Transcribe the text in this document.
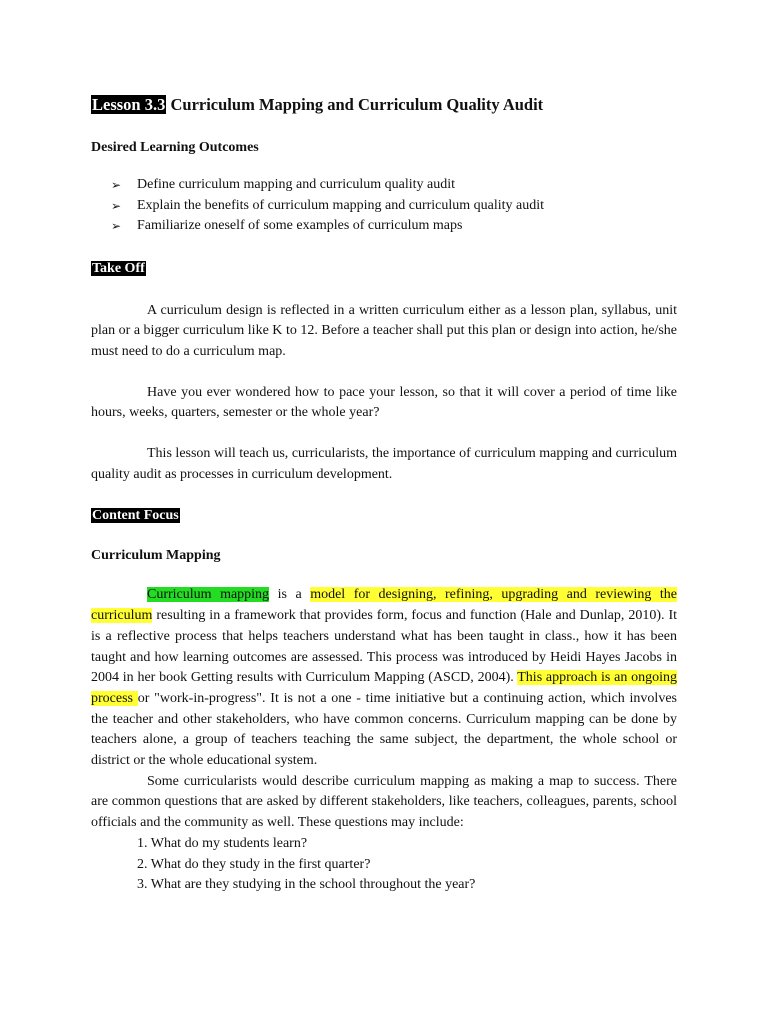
Lesson 3.3 Curriculum Mapping and Curriculum Quality Audit
Desired Learning Outcomes
➢ Define curriculum mapping and curriculum quality audit
➢ Explain the benefits of curriculum mapping and curriculum quality audit
➢ Familiarize oneself of some examples of curriculum maps
Take Off

A curriculum design is reflected in a written curriculum either as a lesson plan, syllabus, unit plan or a bigger curriculum like K to 12. Before a teacher shall put this plan or design into action, he/she must need to do a curriculum map.

Have you ever wondered how to pace your lesson, so that it will cover a period of time like hours, weeks, quarters, semester or the whole year?

This lesson will teach us, curricularists, the importance of curriculum mapping and curriculum quality audit as processes in curriculum development.

Content Focus
Curriculum Mapping

Curriculum mapping is a model for designing, refining, upgrading and reviewing the curriculum resulting in a framework that provides form, focus and function (Hale and Dunlap, 2010). It is a reflective process that helps teachers understand what has been taught in class., how it has been taught and how learning outcomes are assessed. This process was introduced by Heidi Hayes Jacobs in 2004 in her book Getting results with Curriculum Mapping (ASCD, 2004). This approach is an ongoing process or "work-in-progress". It is not a one - time initiative but a continuing action, which involves the teacher and other stakeholders, who have common concerns. Curriculum mapping can be done by teachers alone, a group of teachers teaching the same subject, the department, the whole school or district or the whole educational system.

Some curricularists would describe curriculum mapping as making a map to success. There are common questions that are asked by different stakeholders, like teachers, colleagues, parents, school officials and the community as well. These questions may include:

1. What do my students learn?
2. What do they study in the first quarter?
3. What are they studying in the school throughout the year?
